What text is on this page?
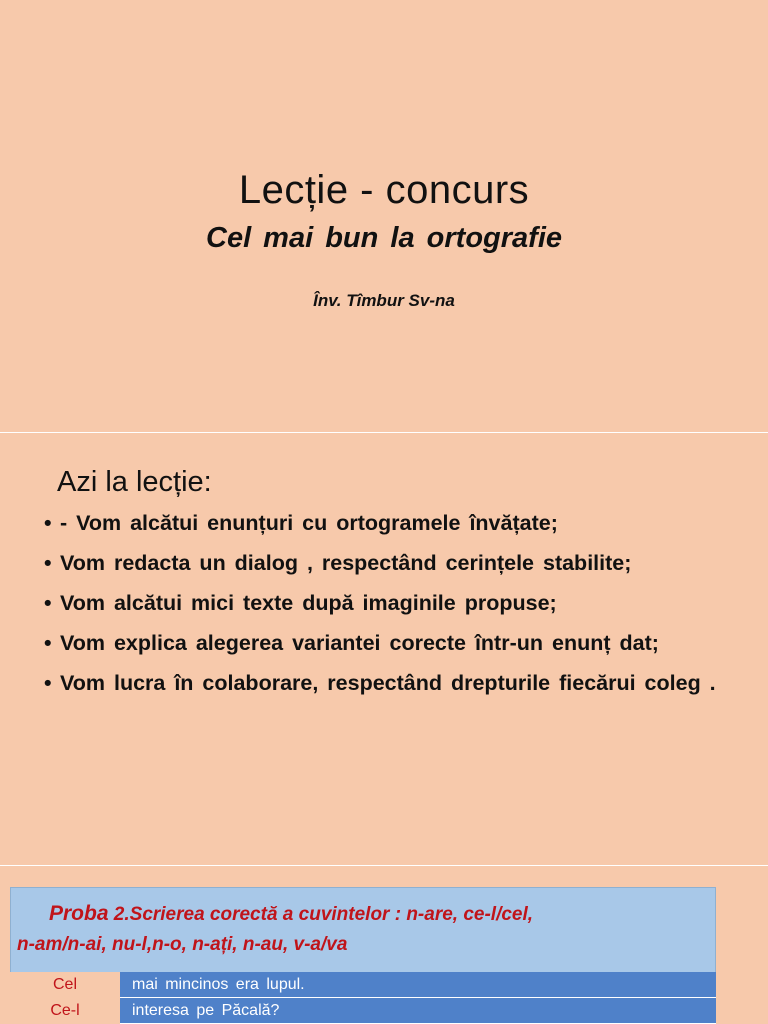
Lecție - concurs
Cel mai bun la ortografie
Înv. Tîmbur Sv-na
Azi la lecție:
• - Vom alcătui enunțuri cu ortogramele învățate;
• Vom redacta un dialog , respectând cerințele stabilite;
• Vom alcătui mici texte după imaginile propuse;
• Vom explica alegerea variantei corecte într-un enunț dat;
• Vom lucra în colaborare, respectând drepturile fiecărui coleg .
Proba 2.Scrierea corectă a cuvintelor : n-are, ce-l/cel,
n-am/n-ai, nu-l,n-o, n-ați, n-au, v-a/va
Cel	mai mincinos era lupul.
Ce-l	interesa pe Păcală?
